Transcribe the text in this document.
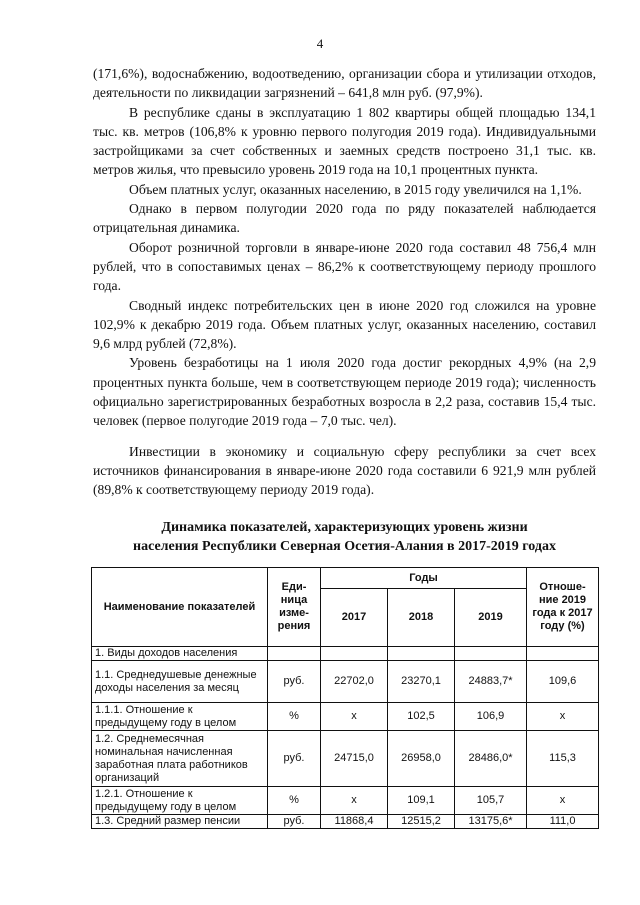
4

(171,6%), водоснабжению, водоотведению, организации сбора и утилизации отходов, деятельности по ликвидации загрязнений – 641,8 млн руб. (97,9%).

В республике сданы в эксплуатацию 1 802 квартиры общей площадью 134,1 тыс. кв. метров (106,8% к уровню первого полугодия 2019 года). Индивидуальными застройщиками за счет собственных и заемных средств построено 31,1 тыс. кв. метров жилья, что превысило уровень 2019 года на 10,1 процентных пункта.

Объем платных услуг, оказанных населению, в 2015 году увеличился на 1,1%.

Однако в первом полугодии 2020 года по ряду показателей наблюдается отрицательная динамика.

Оборот розничной торговли в январе-июне 2020 года составил 48 756,4 млн рублей, что в сопоставимых ценах – 86,2% к соответствующему периоду прошлого года.

Сводный индекс потребительских цен в июне 2020 год сложился на уровне 102,9% к декабрю 2019 года. Объем платных услуг, оказанных населению, составил 9,6 млрд рублей (72,8%).

Уровень безработицы на 1 июля 2020 года достиг рекордных 4,9% (на 2,9 процентных пункта больше, чем в соответствующем периоде 2019 года); численность официально зарегистрированных безработных возросла в 2,2 раза, составив 15,4 тыс. человек (первое полугодие 2019 года – 7,0 тыс. чел).

Инвестиции в экономику и социальную сферу республики за счет всех источников финансирования в январе-июне 2020 года составили 6 921,9 млн рублей (89,8% к соответствующему периоду 2019 года).

Динамика показателей, характеризующих уровень жизни
населения Республики Северная Осетия-Алания в 2017-2019 годах
Наименование показателей	Еди-ница изме-рения	Годы			Отноше-ние 2019 года к 2017 году (%)
		2017	2018	2019	
1. Виды доходов населения					
1.1. Среднедушевые денежные доходы населения за месяц	руб.	22702,0	23270,1	24883,7*	109,6
1.1.1. Отношение к предыдущему году в целом	%	х	102,5	106,9	х
1.2. Среднемесячная номинальная начисленная заработная плата работников организаций	руб.	24715,0	26958,0	28486,0*	115,3
1.2.1. Отношение к предыдущему году в целом	%	х	109,1	105,7	х
1.3. Средний размер пенсии	руб.	11868,4	12515,2	13175,6*	111,0
